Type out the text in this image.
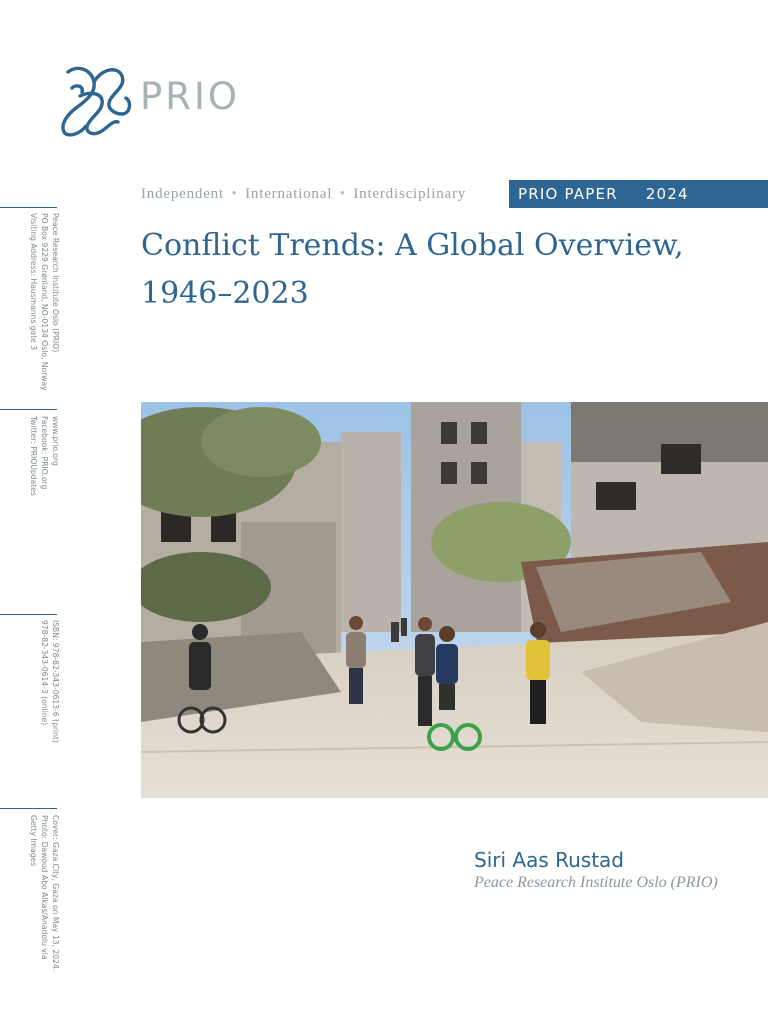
PRIO
Independent • International • Interdisciplinary	PRIO PAPER 2024
Conflict Trends: A Global Overview,
1946–2023
Siri Aas Rustad
Peace Research Institute Oslo (PRIO)
Peace Research Institute Oslo (PRIO)
PO Box 9229 Grønland, NO-0134 Oslo, Norway
Visiting Address: Hausmanns gate 3
www.prio.org
Facebook: PRIO.org
Twitter: PRIOUpdates
ISBN: 978-82-343-0613-6 (print)
978-82-343-0614-3 (online)
Cover: Gaza City, Gaza on May 13, 2024.
Photo: Dawoud Abo Alkas/Anadolu via
Getty Images
